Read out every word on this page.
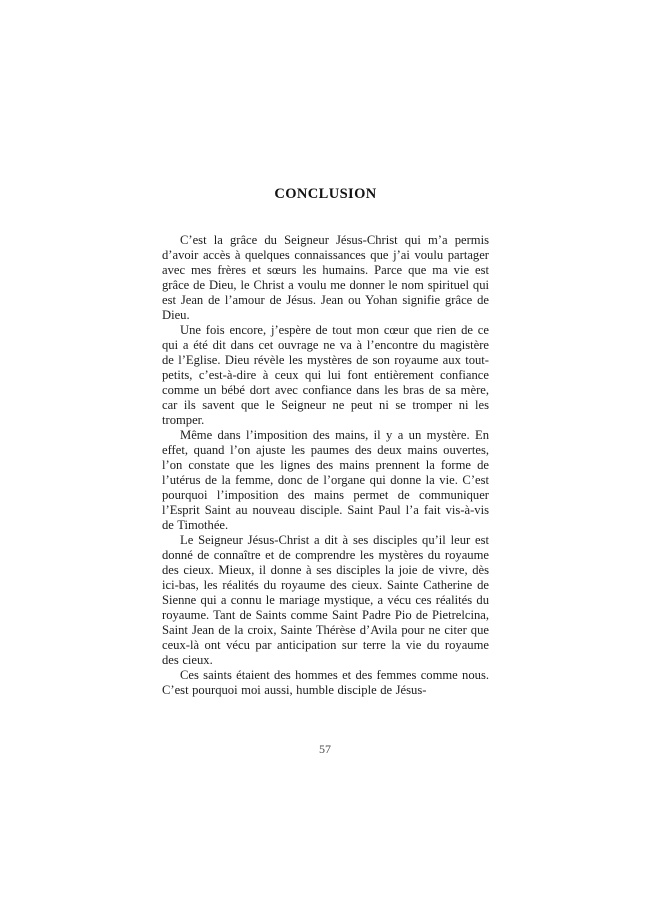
CONCLUSION

C’est la grâce du Seigneur Jésus-Christ qui m’a permis d’avoir accès à quelques connaissances que j’ai voulu partager avec mes frères et sœurs les humains. Parce que ma vie est grâce de Dieu, le Christ a voulu me donner le nom spirituel qui est Jean de l’amour de Jésus. Jean ou Yohan signifie grâce de Dieu.

Une fois encore, j’espère de tout mon cœur que rien de ce qui a été dit dans cet ouvrage ne va à l’encontre du magistère de l’Eglise. Dieu révèle les mystères de son royaume aux tout-petits, c’est-à-dire à ceux qui lui font entièrement confiance comme un bébé dort avec confiance dans les bras de sa mère, car ils savent que le Seigneur ne peut ni se tromper ni les tromper.

Même dans l’imposition des mains, il y a un mystère. En effet, quand l’on ajuste les paumes des deux mains ouvertes, l’on constate que les lignes des mains prennent la forme de l’utérus de la femme, donc de l’organe qui donne la vie. C’est pourquoi l’imposition des mains permet de communiquer l’Esprit Saint au nouveau disciple. Saint Paul l’a fait vis-à-vis de Timothée.

Le Seigneur Jésus-Christ a dit à ses disciples qu’il leur est donné de connaître et de comprendre les mystères du royaume des cieux. Mieux, il donne à ses disciples la joie de vivre, dès ici-bas, les réalités du royaume des cieux. Sainte Catherine de Sienne qui a connu le mariage mystique, a vécu ces réalités du royaume. Tant de Saints comme Saint Padre Pio de Pietrelcina, Saint Jean de la croix, Sainte Thérèse d’Avila pour ne citer que ceux-là ont vécu par anticipation sur terre la vie du royaume des cieux.

Ces saints étaient des hommes et des femmes comme nous. C’est pourquoi moi aussi, humble disciple de Jésus-

57
